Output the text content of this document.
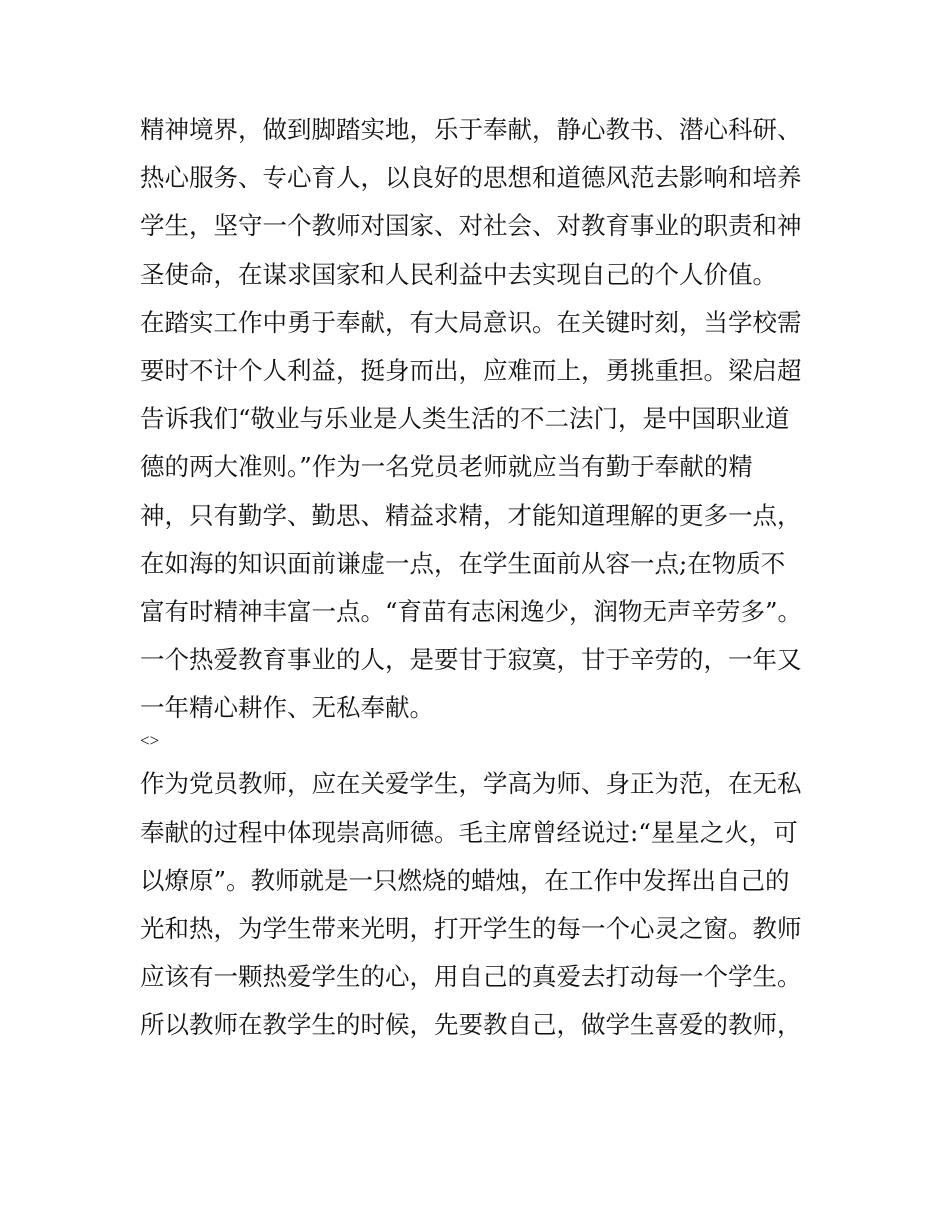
精神境界，做到脚踏实地，乐于奉献，静心教书、潜心科研、
热心服务、专心育人，以良好的思想和道德风范去影响和培养
学生，坚守一个教师对国家、对社会、对教育事业的职责和神
圣使命，在谋求国家和人民利益中去实现自己的个人价值。
在踏实工作中勇于奉献，有大局意识。在关键时刻，当学校需
要时不计个人利益，挺身而出，应难而上，勇挑重担。梁启超
告诉我们“敬业与乐业是人类生活的不二法门，是中国职业道
德的两大准则。”作为一名党员老师就应当有勤于奉献的精
神，只有勤学、勤思、精益求精，才能知道理解的更多一点，
在如海的知识面前谦虚一点，在学生面前从容一点;在物质不
富有时精神丰富一点。“育苗有志闲逸少，润物无声辛劳多”。
一个热爱教育事业的人，是要甘于寂寞，甘于辛劳的，一年又
一年精心耕作、无私奉献。
<>
作为党员教师，应在关爱学生，学高为师、身正为范，在无私
奉献的过程中体现崇高师德。毛主席曾经说过:“星星之火，可
以燎原”。教师就是一只燃烧的蜡烛，在工作中发挥出自己的
光和热，为学生带来光明，打开学生的每一个心灵之窗。教师
应该有一颗热爱学生的心，用自己的真爱去打动每一个学生。
所以教师在教学生的时候，先要教自己，做学生喜爱的教师，
